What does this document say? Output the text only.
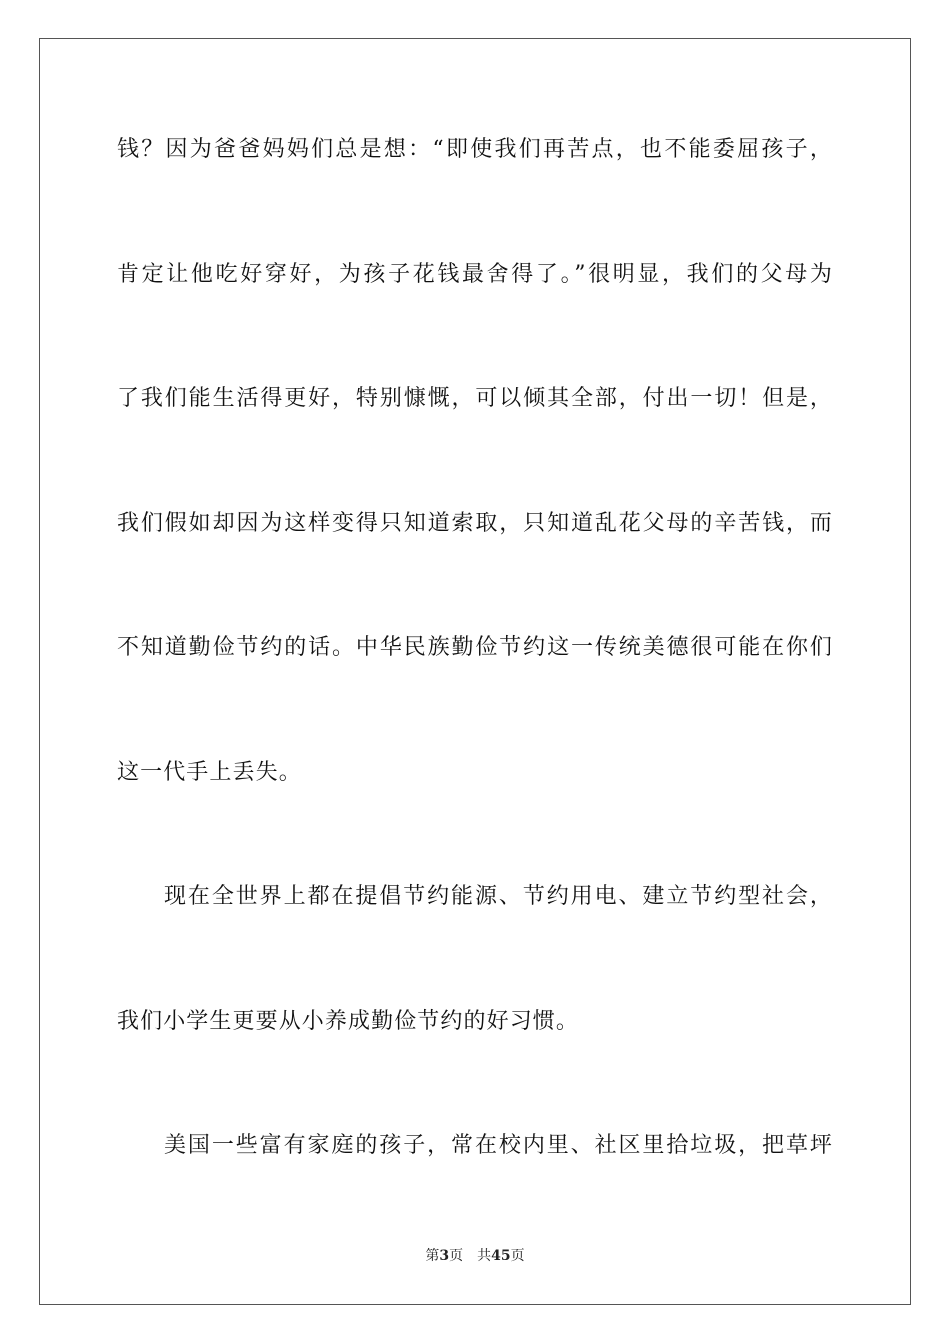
钱？因为爸爸妈妈们总是想：“即使我们再苦点，也不能委屈孩子，
肯定让他吃好穿好，为孩子花钱最舍得了。”很明显，我们的父母为
了我们能生活得更好，特别慷慨，可以倾其全部，付出一切！但是，
我们假如却因为这样变得只知道索取，只知道乱花父母的辛苦钱，而
不知道勤俭节约的话。中华民族勤俭节约这一传统美德很可能在你们
这一代手上丢失。
现在全世界上都在提倡节约能源、节约用电、建立节约型社会，
我们小学生更要从小养成勤俭节约的好习惯。
美国一些富有家庭的孩子，常在校内里、社区里拾垃圾，把草坪
第3页 共45页
